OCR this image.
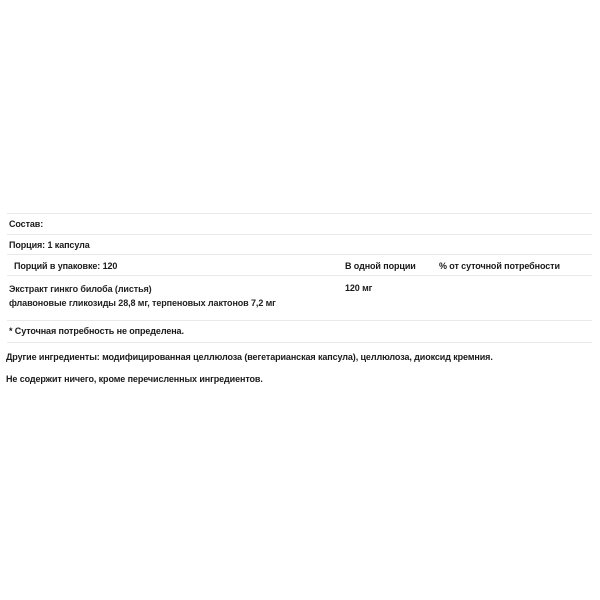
Состав:
Порция: 1 капсула
Порций в упаковке: 120	В одной порции	% от суточной потребности
Экстракт гинкго билоба (листья)
флавоновые гликозиды 28,8 мг, терпеновых лактонов 7,2 мг
120 мг
* Суточная потребность не определена.
Другие ингредиенты: модифицированная целлюлоза (вегетарианская капсула), целлюлоза, диоксид кремния.
Не содержит ничего, кроме перечисленных ингредиентов.
